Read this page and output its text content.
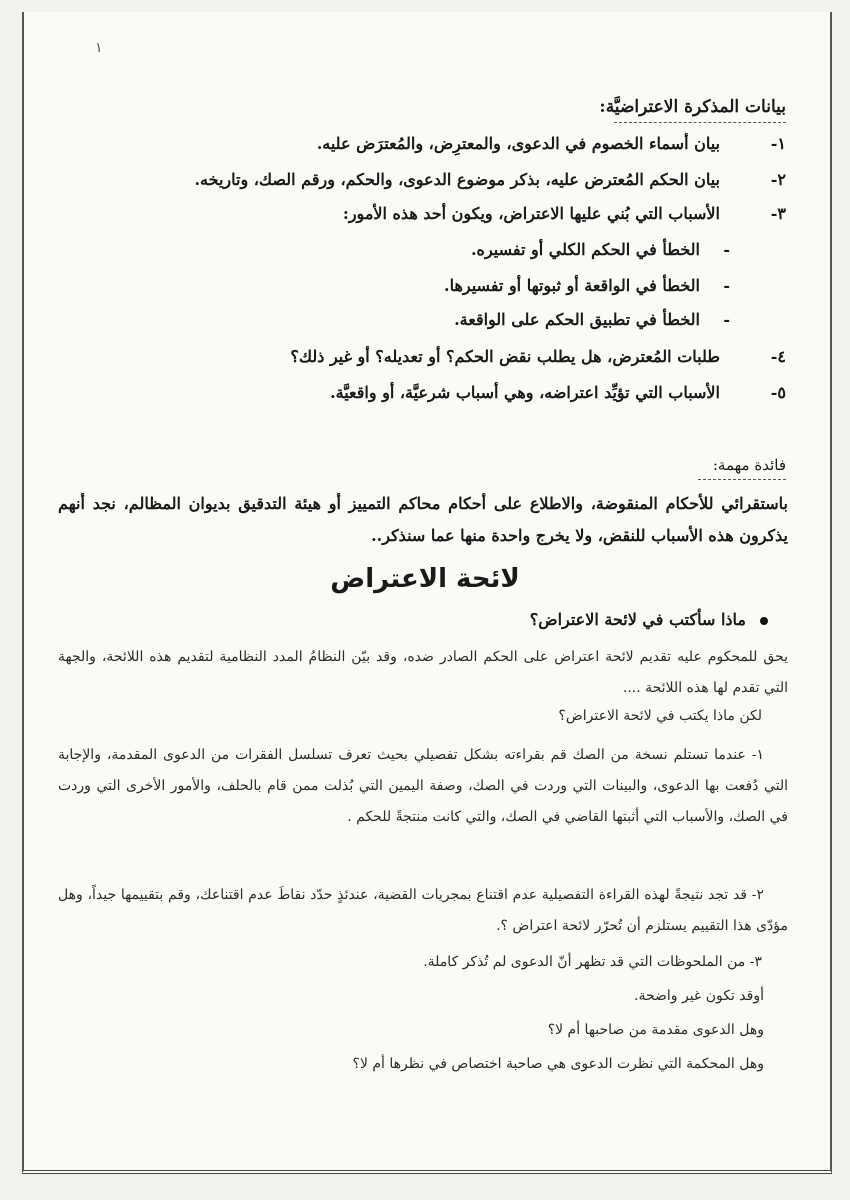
١
بيانات المذكرة الاعتراضيَّة:
١-
بيان أسماء الخصوم في الدعوى، والمعترِض، والمُعترَض عليه.
٢-
بيان الحكم المُعترض عليه، بذكر موضوع الدعوى، والحكم، ورقم الصك، وتاريخه.
٣-
الأسباب التي بُني عليها الاعتراض، ويكون أحد هذه الأمور:
-
الخطأ في الحكم الكلي أو تفسيره.
-
الخطأ في الواقعة أو ثبوتها أو تفسيرها.
-
الخطأ في تطبيق الحكم على الواقعة.
٤-
طلبات المُعترض، هل يطلب نقض الحكم؟ أو تعديله؟ أو غير ذلك؟
٥-
الأسباب التي تؤيِّد اعتراضه، وهي أسباب شرعيَّة، أو واقعيَّة.
فائدة مهمة:
باستقرائي للأحكام المنقوضة، والاطلاع على أحكام محاكم التمييز أو هيئة التدقيق بديوان المظالم، نجد أنهم يذكرون هذه الأسباب للنقض، ولا يخرج واحدة منها عما سنذكر..
لائحة الاعتراض
ماذا سأكتب في لائحة الاعتراض؟
يحق للمحكوم عليه تقديم لائحة اعتراض على الحكم الصادر ضده، وقد بيّن النظامُ المدد النظامية لتقديم هذه اللائحة، والجهة التي تقدم لها هذه اللائحة ....
لكن ماذا يكتب في لائحة الاعتراض؟
١- عندما تستلم نسخة من الصك قم بقراءته بشكل تفصيلي بحيث تعرف تسلسل الفقرات من الدعوى المقدمة، والإجابة التي دُفعت بها الدعوى، والبينات التي وردت في الصك، وصفة اليمين التي بُذلت ممن قام بالحلف، والأمور الأخرى التي وردت في الصك، والأسباب التي أثبتها القاضي في الصك، والتي كانت منتجةً للحكم .
٢- قد تجد نتيجةً لهذه القراءة التفصيلية عدم اقتناع بمجريات القضية، عندئذٍ حدّد نقاطَ عدم اقتناعك، وقم بتقييمها جيداً، وهل مؤدّى هذا التقييم يستلزم أن تُحرّر لائحة اعتراض ؟.
٣- من الملحوظات التي قد تظهر أنّ الدعوى لم تُذكر كاملة.
أوقد تكون غير واضحة.
وهل الدعوى مقدمة من صاحبها أم لا؟
وهل المحكمة التي نظرت الدعوى هي صاحبة اختصاص في نظرها أم لا؟
